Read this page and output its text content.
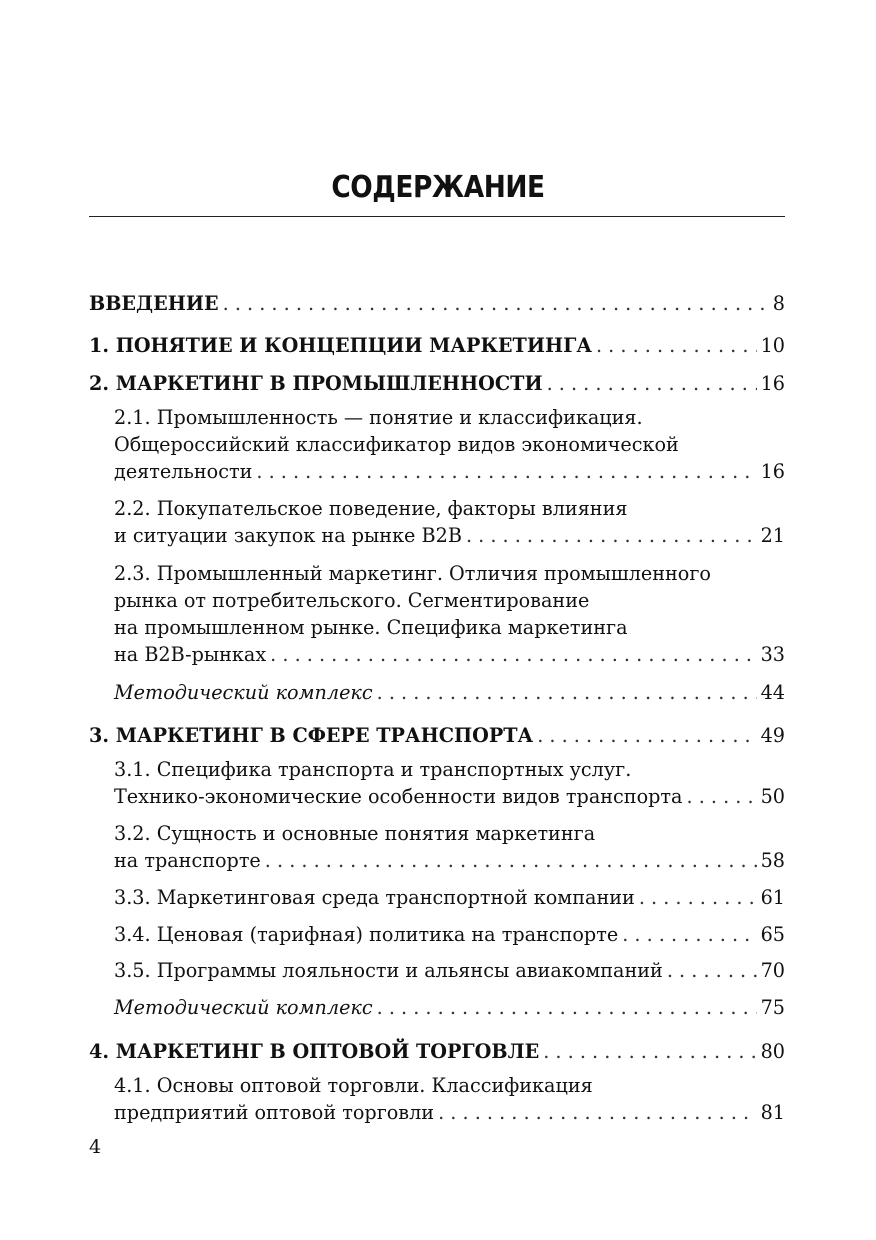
СОДЕРЖАНИЕ
ВВЕДЕНИЕ . . .	8
1. ПОНЯТИЕ И КОНЦЕПЦИИ МАРКЕТИНГА . . .	10
2. МАРКЕТИНГ В ПРОМЫШЛЕННОСТИ . . .	16
2.1. Промышленность — понятие и классификация.
Общероссийский классификатор видов экономической
деятельности . . .	16
2.2. Покупательское поведение, факторы влияния
и ситуации закупок на рынке B2B . . .	21
2.3. Промышленный маркетинг. Отличия промышленного
рынка от потребительского. Сегментирование
на промышленном рынке. Специфика маркетинга
на B2B-рынках . . .	33
Методический комплекс . . .	44
3. МАРКЕТИНГ В СФЕРЕ ТРАНСПОРТА . . .	49
3.1. Специфика транспорта и транспортных услуг.
Технико-экономические особенности видов транспорта . . .	50
3.2. Сущность и основные понятия маркетинга
на транспорте . . .	58
3.3. Маркетинговая среда транспортной компании . . .	61
3.4. Ценовая (тарифная) политика на транспорте . . .	65
3.5. Программы лояльности и альянсы авиакомпаний . . .	70
Методический комплекс . . .	75
4. МАРКЕТИНГ В ОПТОВОЙ ТОРГОВЛЕ . . .	80
4.1. Основы оптовой торговли. Классификация
предприятий оптовой торговли . . .	81
4
